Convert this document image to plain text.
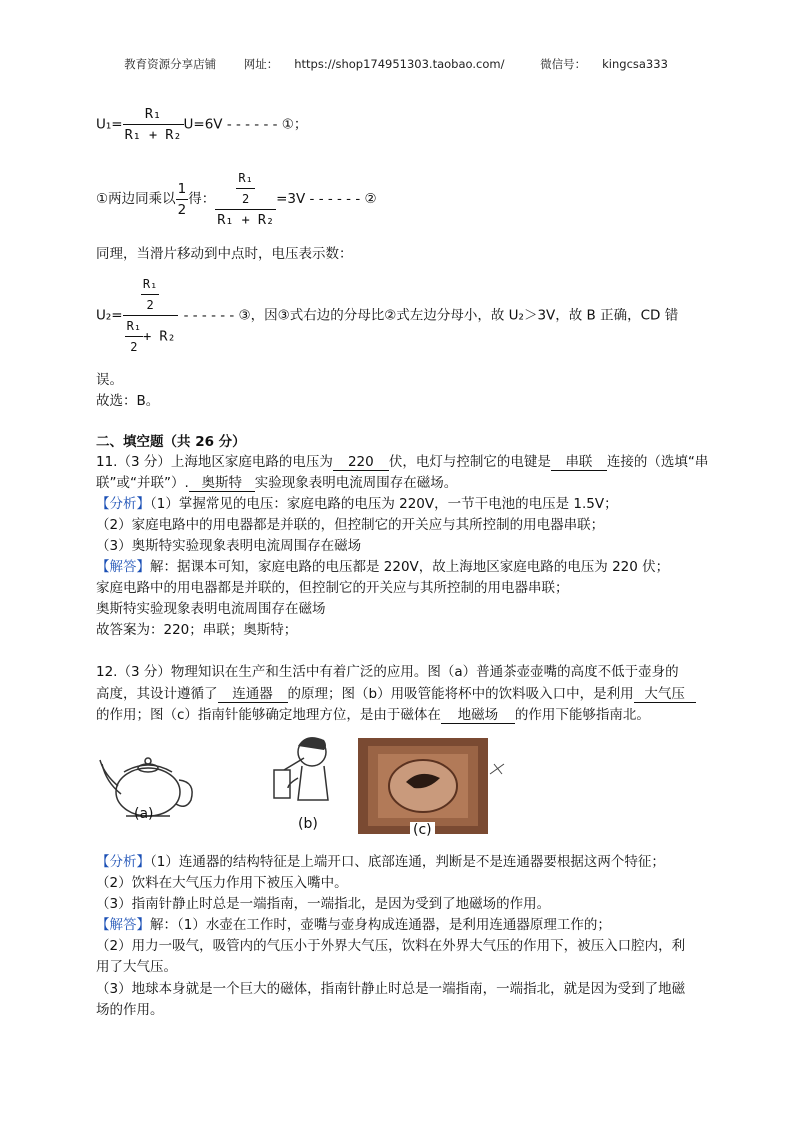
教育资源分享店铺 网址： https://shop174951303.taobao.com/	微信号： kingcsa333
$U_1= \frac{\text{R₁}}{\text{R₁ + R₂}} U=6V$ - - - - - - ①；
①两边同乘以 $\frac{1}{2}$ 得： $\frac{\frac{\text{R₁}}{2}}{\text{R₁ + R₂}} =3V$ - - - - - - ②
同理，当滑片移动到中点时，电压表示数：
$U_2= \frac{\frac{\text{R₁}}{2}}{\frac{\text{R₁}}{2} + R_2}$ - - - - - - ③，因③式右边的分母比②式左边分母小，故 U₂＞3V，故 B 正确，CD 错
误。
故选：B。
二、填空题（共 26 分）
11.（3 分）上海地区家庭电路的电压为 220 伏，电灯与控制它的电键是 串联 连接的（选填“串
联”或“并联”）. 奥斯特 实验现象表明电流周围存在磁场。
【分析】（1）掌握常见的电压：家庭电路的电压为 220V，一节干电池的电压是 1.5V；
（2）家庭电路中的用电器都是并联的，但控制它的开关应与其所控制的用电器串联；
（3）奥斯特实验现象表明电流周围存在磁场
【解答】解：据课本可知，家庭电路的电压都是 220V，故上海地区家庭电路的电压为 220 伏；
家庭电路中的用电器都是并联的，但控制它的开关应与其所控制的用电器串联；
奥斯特实验现象表明电流周围存在磁场
故答案为：220；串联；奥斯特；
12.（3 分）物理知识在生产和生活中有着广泛的应用。图（a）普通茶壶壶嘴的高度不低于壶身的
高度，其设计遵循了 连通器 的原理；图（b）用吸管能将杯中的饮料吸入口中，是利用 大气压
的作用；图（c）指南针能够确定地理方位，是由于磁体在 地磁场 的作用下能够指南北。
(a)
(b)	(c)
【分析】（1）连通器的结构特征是上端开口、底部连通，判断是不是连通器要根据这两个特征；
（2）饮料在大气压力作用下被压入嘴中。
（3）指南针静止时总是一端指南，一端指北，是因为受到了地磁场的作用。
【解答】解：（1）水壶在工作时，壶嘴与壶身构成连通器，是利用连通器原理工作的；
（2）用力一吸气，吸管内的气压小于外界大气压，饮料在外界大气压的作用下，被压入口腔内，利
用了大气压。
（3）地球本身就是一个巨大的磁体，指南针静止时总是一端指南，一端指北，就是因为受到了地磁
场的作用。
